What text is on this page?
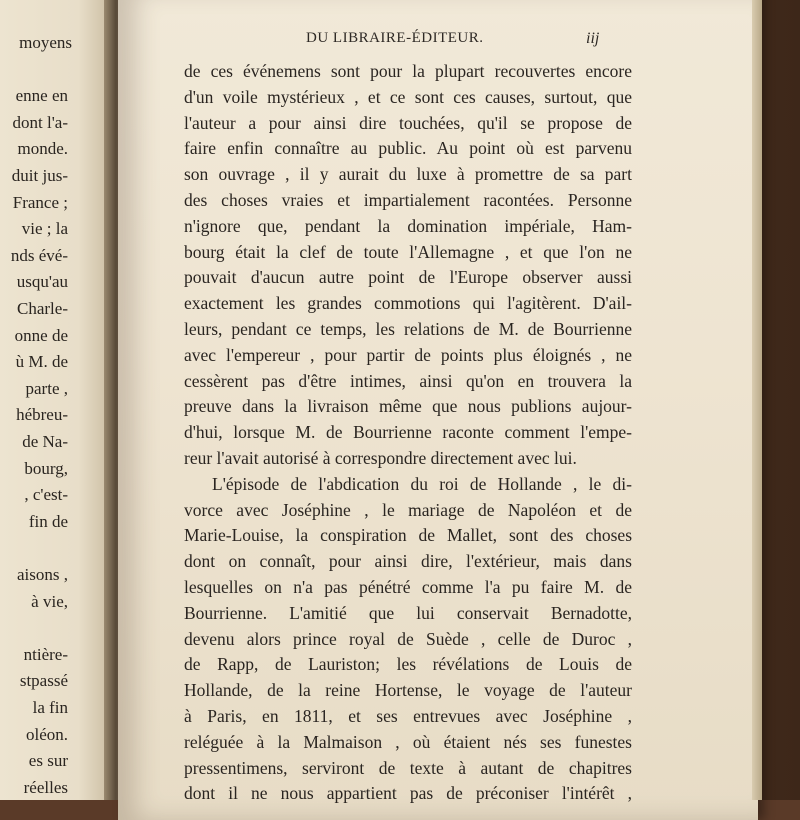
moyens
enne en
dont l'a-
monde.
duit jus-
France ;
vie ; la
nds évé-
usqu'au
Charle-
onne de
ù M. de
parte ,
hébreu-
de Na-
bourg,
, c'est-
fin de
aisons ,
à vie,
ntière-
stpassé
la fin
oléon.
es sur
réelles
DU LIBRAIRE-ÉDITEUR.	iij
de ces événemens sont pour la plupart recouvertes encore
d'un voile mystérieux , et ce sont ces causes, surtout, que
l'auteur a pour ainsi dire touchées, qu'il se propose de
faire enfin connaître au public. Au point où est parvenu
son ouvrage , il y aurait du luxe à promettre de sa part
des choses vraies et impartialement racontées. Personne
n'ignore que, pendant la domination impériale, Ham-
bourg était la clef de toute l'Allemagne , et que l'on ne
pouvait d'aucun autre point de l'Europe observer aussi
exactement les grandes commotions qui l'agitèrent. D'ail-
leurs, pendant ce temps, les relations de M. de Bourrienne
avec l'empereur , pour partir de points plus éloignés , ne
cessèrent pas d'être intimes, ainsi qu'on en trouvera la
preuve dans la livraison même que nous publions aujour-
d'hui, lorsque M. de Bourrienne raconte comment l'empe-
reur l'avait autorisé à correspondre directement avec lui.
L'épisode de l'abdication du roi de Hollande , le di-
vorce avec Joséphine , le mariage de Napoléon et de
Marie-Louise, la conspiration de Mallet, sont des choses
dont on connaît, pour ainsi dire, l'extérieur, mais dans
lesquelles on n'a pas pénétré comme l'a pu faire M. de
Bourrienne. L'amitié que lui conservait Bernadotte,
devenu alors prince royal de Suède , celle de Duroc ,
de Rapp, de Lauriston; les révélations de Louis de
Hollande, de la reine Hortense, le voyage de l'auteur
à Paris, en 1811, et ses entrevues avec Joséphine ,
reléguée à la Malmaison , où étaient nés ses funestes
pressentimens, serviront de texte à autant de chapitres
dont il ne nous appartient pas de préconiser l'intérêt ,
